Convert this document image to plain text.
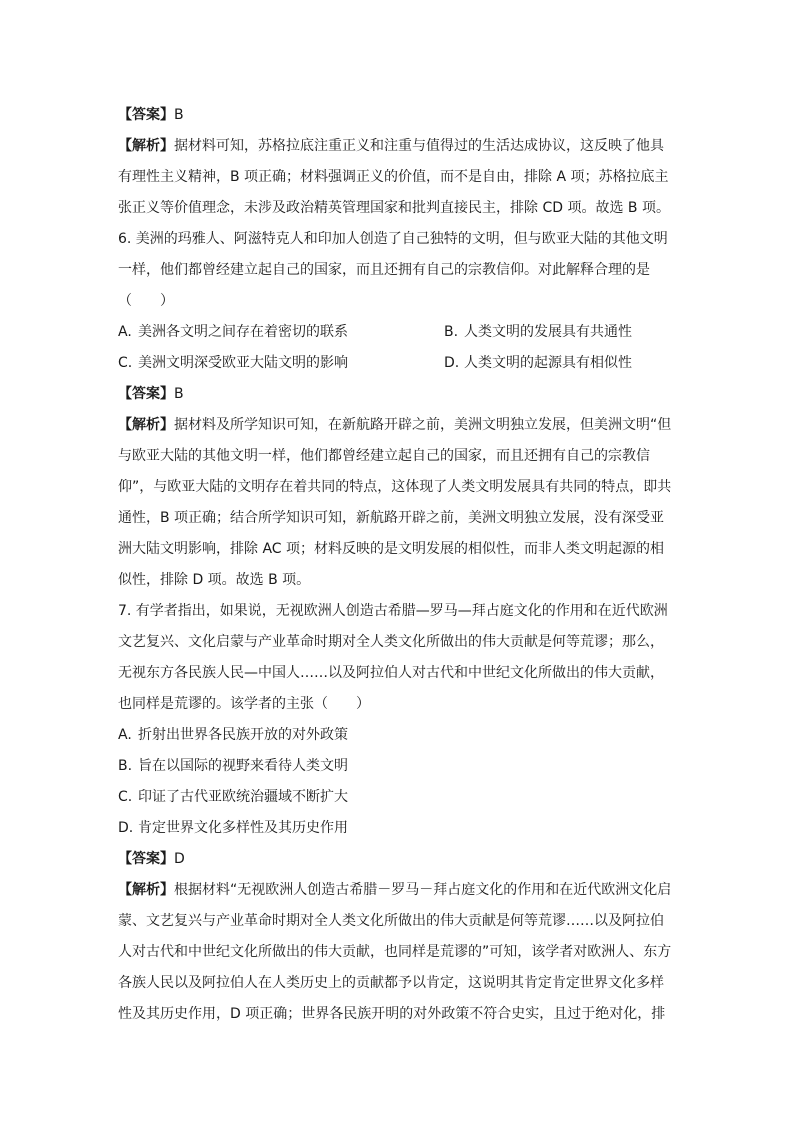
【答案】B
【解析】据材料可知，苏格拉底注重正义和注重与值得过的生活达成协议，这反映了他具
有理性主义精神，B 项正确；材料强调正义的价值，而不是自由，排除 A 项；苏格拉底主
张正义等价值理念，未涉及政治精英管理国家和批判直接民主，排除 CD 项。故选 B 项。
6. 美洲的玛雅人、阿滋特克人和印加人创造了自己独特的文明，但与欧亚大陆的其他文明
一样，他们都曾经建立起自己的国家，而且还拥有自己的宗教信仰。对此解释合理的是
（　　）
A. 美洲各文明之间存在着密切的联系	B. 人类文明的发展具有共通性
C. 美洲文明深受欧亚大陆文明的影响	D. 人类文明的起源具有相似性
【答案】B
【解析】据材料及所学知识可知，在新航路开辟之前，美洲文明独立发展，但美洲文明“但
与欧亚大陆的其他文明一样，他们都曾经建立起自己的国家，而且还拥有自己的宗教信
仰”，与欧亚大陆的文明存在着共同的特点，这体现了人类文明发展具有共同的特点，即共
通性，B 项正确；结合所学知识可知，新航路开辟之前，美洲文明独立发展，没有深受亚
洲大陆文明影响，排除 AC 项；材料反映的是文明发展的相似性，而非人类文明起源的相
似性，排除 D 项。故选 B 项。
7. 有学者指出，如果说，无视欧洲人创造古希腊—罗马—拜占庭文化的作用和在近代欧洲
文艺复兴、文化启蒙与产业革命时期对全人类文化所做出的伟大贡献是何等荒谬；那么，
无视东方各民族人民—中国人……以及阿拉伯人对古代和中世纪文化所做出的伟大贡献，
也同样是荒谬的。该学者的主张（　　）
A. 折射出世界各民族开放的对外政策
B. 旨在以国际的视野来看待人类文明
C. 印证了古代亚欧统治疆域不断扩大
D. 肯定世界文化多样性及其历史作用
【答案】D
【解析】根据材料“无视欧洲人创造古希腊－罗马－拜占庭文化的作用和在近代欧洲文化启
蒙、文艺复兴与产业革命时期对全人类文化所做出的伟大贡献是何等荒谬……以及阿拉伯
人对古代和中世纪文化所做出的伟大贡献，也同样是荒谬的”可知，该学者对欧洲人、东方
各族人民以及阿拉伯人在人类历史上的贡献都予以肯定，这说明其肯定肯定世界文化多样
性及其历史作用，D 项正确；世界各民族开明的对外政策不符合史实，且过于绝对化，排
